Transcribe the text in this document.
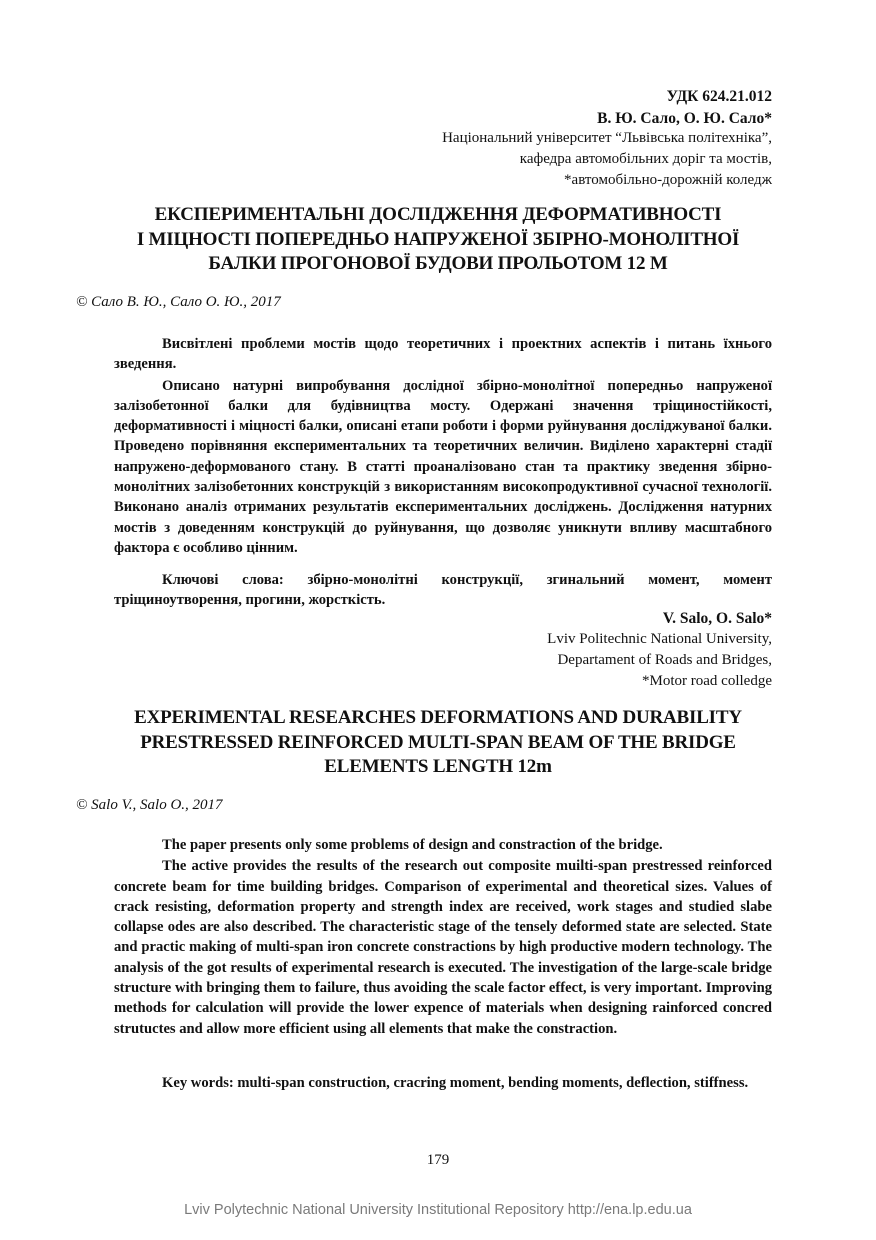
УДК 624.21.012
В. Ю. Сало, О. Ю. Сало*
Національний університет “Львівська політехніка”,
кафедра автомобільних доріг та мостів,
*автомобільно-дорожній коледж
ЕКСПЕРИМЕНТАЛЬНІ ДОСЛІДЖЕННЯ ДЕФОРМАТИВНОСТІ
І МІЦНОСТІ ПОПЕРЕДНЬО НАПРУЖЕНОЇ ЗБІРНО-МОНОЛІТНОЇ
БАЛКИ ПРОГОНОВОЇ БУДОВИ ПРОЛЬОТОМ 12 М
© Сало В. Ю., Сало О. Ю., 2017

Висвітлені проблеми мостів щодо теоретичних і проектних аспектів і питань їхнього зведення.

Описано натурні випробування дослідної збірно-монолітної попередньо напруженої залізобетонної балки для будівництва мосту. Одержані значення тріщиностійкості, деформативності і міцності балки, описані етапи роботи і форми руйнування досліджуваної балки. Проведено порівняння експериментальних та теоретичних величин. Виділено характерні стадії напружено-деформованого стану. В статті проаналізовано стан та практику зведення збірно-монолітних залізобетонних конструкцій з використанням високопродуктивної сучасної технології. Виконано аналіз отриманих результатів експериментальних досліджень. Дослідження натурних мостів з доведенням конструкцій до руйнування, що дозволяє уникнути впливу масштабного фактора є особливо цінним.

Ключові слова: збірно-монолітні конструкції, згинальний момент, момент тріщиноутворення, прогини, жорсткість.

V. Salo, O. Salo*
Lviv Politechnic National University,
Departament of Roads and Bridges,
*Motor road colledge
EXPERIMENTAL RESEARCHES DEFORMATIONS AND DURABILITY
PRESTRESSED REINFORCED MULTI-SPAN BEAM OF THE BRIDGE
ELEMENTS LENGTH 12m
© Salo V., Salo O., 2017

The paper presents only some problems of design and constraction of the bridge.

The active provides the results of the research out composite muilti-span prestressed reinforced concrete beam for time building bridges. Comparison of experimental and theoretical sizes. Values of crack resisting, deformation property and strength index are received, work stages and studied slabe collapse odes are also described. The characteristic stage of the tensely deformed state are selected. State and practic making of multi-span iron concrete constractions by high productive modern technology. The analysis of the got results of experimental research is executed. The investigation of the large-scale bridge structure with bringing them to failure, thus avoiding the scale factor effect, is very important. Improving methods for calculation will provide the lower expence of materials when designing rainforced concred strutuctes and allow more efficient using all elements that make the constraction.

Key words: multi-span construction, cracring moment, bending moments, deflection, stiffness.

179
Lviv Polytechnic National University Institutional Repository http://ena.lp.edu.ua
